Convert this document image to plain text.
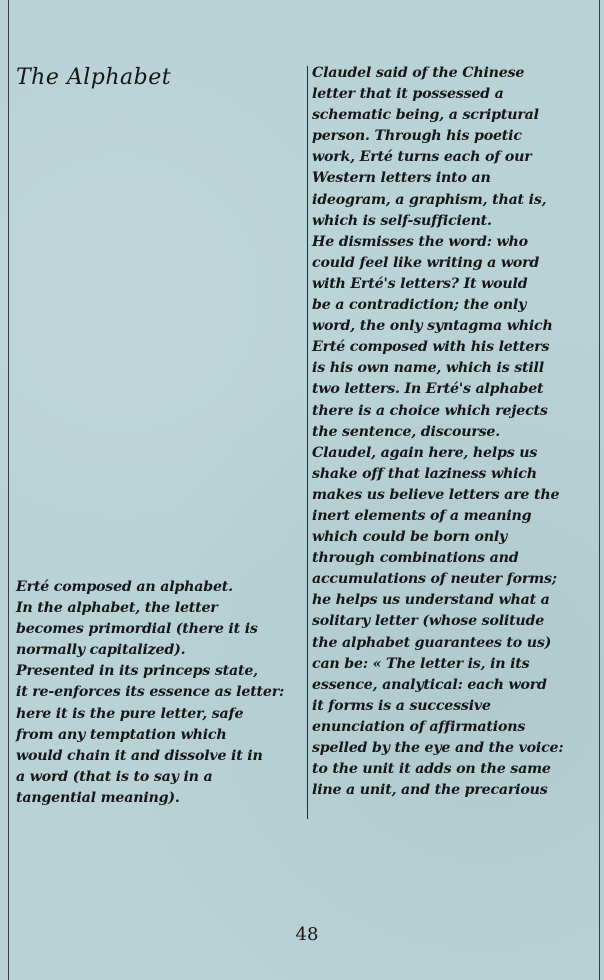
The Alphabet
Erté composed an alphabet.
In the alphabet, the letter
becomes primordial (there it is
normally capitalized).
Presented in its princeps state,
it re-enforces its essence as letter:
here it is the pure letter, safe
from any temptation which
would chain it and dissolve it in
a word (that is to say in a
tangential meaning).
Claudel said of the Chinese
letter that it possessed a
schematic being, a scriptural
person. Through his poetic
work, Erté turns each of our
Western letters into an
ideogram, a graphism, that is,
which is self-sufficient.
He dismisses the word: who
could feel like writing a word
with Erté's letters? It would
be a contradiction; the only
word, the only syntagma which
Erté composed with his letters
is his own name, which is still
two letters. In Erté's alphabet
there is a choice which rejects
the sentence, discourse.
Claudel, again here, helps us
shake off that laziness which
makes us believe letters are the
inert elements of a meaning
which could be born only
through combinations and
accumulations of neuter forms;
he helps us understand what a
solitary letter (whose solitude
the alphabet guarantees to us)
can be: « The letter is, in its
essence, analytical: each word
it forms is a successive
enunciation of affirmations
spelled by the eye and the voice:
to the unit it adds on the same
line a unit, and the precarious
48
